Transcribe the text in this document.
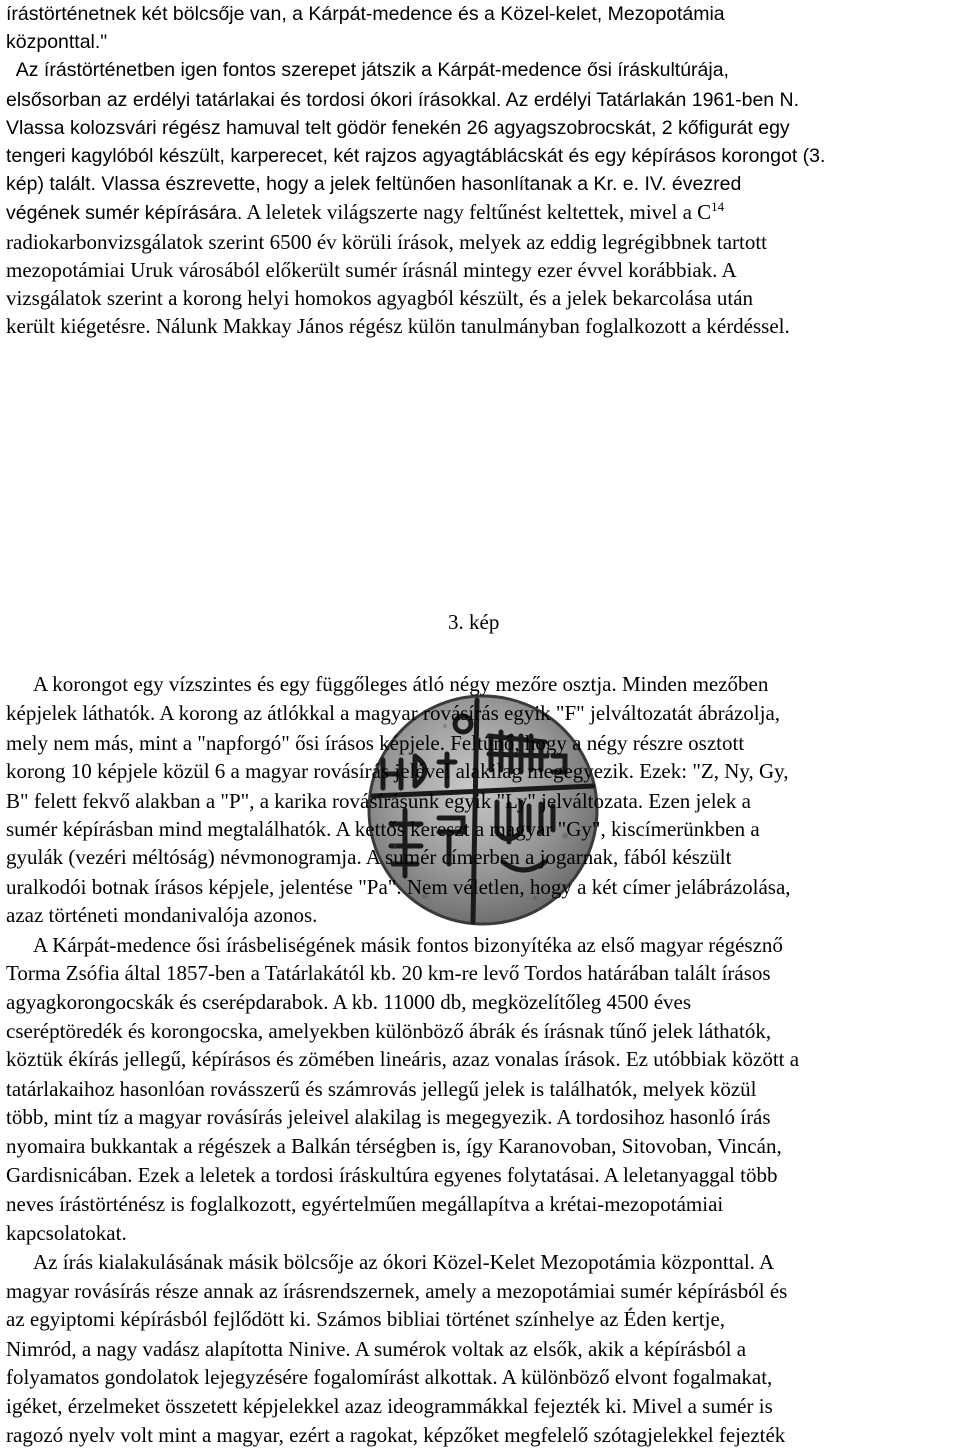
írástörténetnek két bölcsője van, a Kárpát-medence és a Közel-kelet, Mezopotámia
központtal."
Az írástörténetben igen fontos szerepet játszik a Kárpát-medence ősi íráskultúrája,
elsősorban az erdélyi tatárlakai és tordosi ókori írásokkal. Az erdélyi Tatárlakán 1961-ben N.
Vlassa kolozsvári régész hamuval telt gödör fenekén 26 agyagszobrocskát, 2 kőfigurát egy
tengeri kagylóból készült, karperecet, két rajzos agyagtáblácskát és egy képírásos korongot (3.
kép) talált. Vlassa észrevette, hogy a jelek feltünően hasonlítanak a Kr. e. IV. évezred
végének sumér képírására. A leletek világszerte nagy feltűnést keltettek, mivel a $C^{14}$
radiokarbonvizsgálatok szerint 6500 év körüli írások, melyek az eddig legrégibbnek tartott
mezopotámiai Uruk városából előkerült sumér írásnál mintegy ezer évvel korábbiak. A
vizsgálatok szerint a korong helyi homokos agyagból készült, és a jelek bekarcolása után
került kiégetésre. Nálunk Makkay János régész külön tanulmányban foglalkozott a kérdéssel.
3. kép
A korongot egy vízszintes és egy függőleges átló négy mezőre osztja. Minden mezőben
képjelek láthatók. A korong az átlókkal a magyar rovásírás egyik "F" jelváltozatát ábrázolja,
mely nem más, mint a "napforgó" ősi írásos képjele. Feltünő, hogy a négy részre osztott
korong 10 képjele közül 6 a magyar rovásírás jelével alakilag megegyezik. Ezek: "Z, Ny, Gy,
B" felett fekvő alakban a "P", a karika rovásírásunk egyik "Ly" jelváltozata. Ezen jelek a
sumér képírásban mind megtalálhatók. A kettős kereszt a magyar "Gy", kiscímerünkben a
gyulák (vezéri méltóság) névmonogramja. A sumér címerben a jogarnak, fából készült
uralkodói botnak írásos képjele, jelentése "Pa". Nem véletlen, hogy a két címer jelábrázolása,
azaz történeti mondanivalója azonos.
A Kárpát-medence ősi írásbeliségének másik fontos bizonyítéka az első magyar régésznő
Torma Zsófia által 1857-ben a Tatárlakától kb. 20 km-re levő Tordos határában talált írásos
agyagkorongocskák és cserépdarabok. A kb. 11000 db, megközelítőleg 4500 éves
cseréptöredék és korongocska, amelyekben különböző ábrák és írásnak tűnő jelek láthatók,
köztük ékírás jellegű, képírásos és zömében lineáris, azaz vonalas írások. Ez utóbbiak között a
tatárlakaihoz hasonlóan rovásszerű és számrovás jellegű jelek is találhatók, melyek közül
több, mint tíz a magyar rovásírás jeleivel alakilag is megegyezik. A tordosihoz hasonló írás
nyomaira bukkantak a régészek a Balkán térségben is, így Karanovoban, Sitovoban, Vincán,
Gardisnicában. Ezek a leletek a tordosi íráskultúra egyenes folytatásai. A leletanyaggal több
neves írástörténész is foglalkozott, egyértelműen megállapítva a krétai-mezopotámiai
kapcsolatokat.
Az írás kialakulásának másik bölcsője az ókori Közel-Kelet Mezopotámia központtal. A
magyar rovásírás része annak az írásrendszernek, amely a mezopotámiai sumér képírásból és
az egyiptomi képírásból fejlődött ki. Számos bibliai történet színhelye az Éden kertje,
Nimród, a nagy vadász alapította Ninive. A sumérok voltak az elsők, akik a képírásból a
folyamatos gondolatok lejegyzésére fogalomírást alkottak. A különböző elvont fogalmakat,
igéket, érzelmeket összetett képjelekkel azaz ideogrammákkal fejezték ki. Mivel a sumér is
ragozó nyelv volt mint a magyar, ezért a ragokat, képzőket megfelelő szótagjelekkel fejezték
